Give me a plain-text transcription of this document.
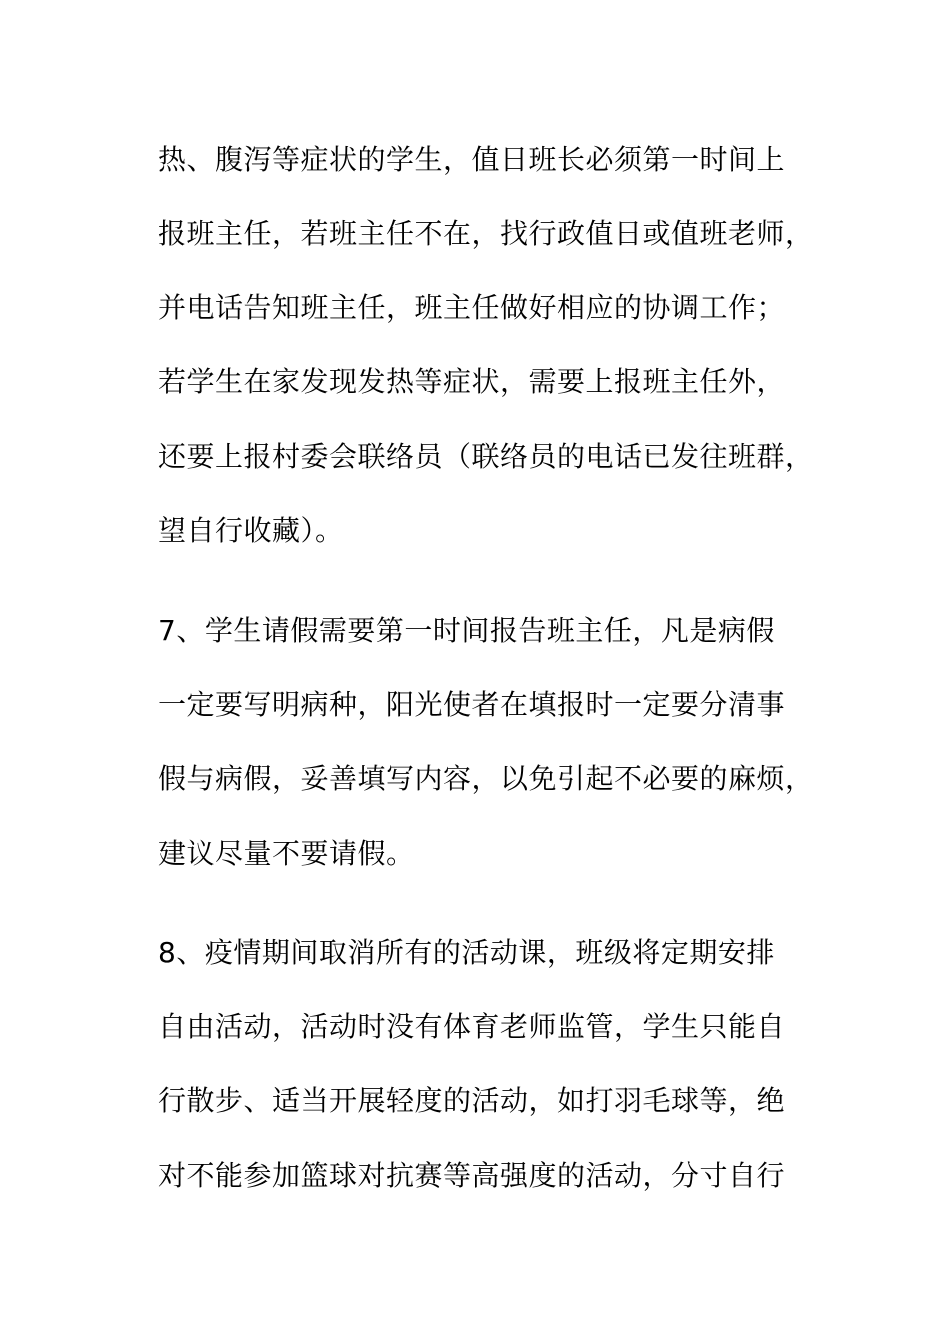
热、腹泻等症状的学生，值日班长必须第一时间上
报班主任，若班主任不在，找行政值日或值班老师，
并电话告知班主任，班主任做好相应的协调工作；
若学生在家发现发热等症状，需要上报班主任外，
还要上报村委会联络员（联络员的电话已发往班群，
望自行收藏）。
7、学生请假需要第一时间报告班主任，凡是病假
一定要写明病种，阳光使者在填报时一定要分清事
假与病假，妥善填写内容，以免引起不必要的麻烦，
建议尽量不要请假。
8、疫情期间取消所有的活动课，班级将定期安排
自由活动，活动时没有体育老师监管，学生只能自
行散步、适当开展轻度的活动，如打羽毛球等，绝
对不能参加篮球对抗赛等高强度的活动，分寸自行
